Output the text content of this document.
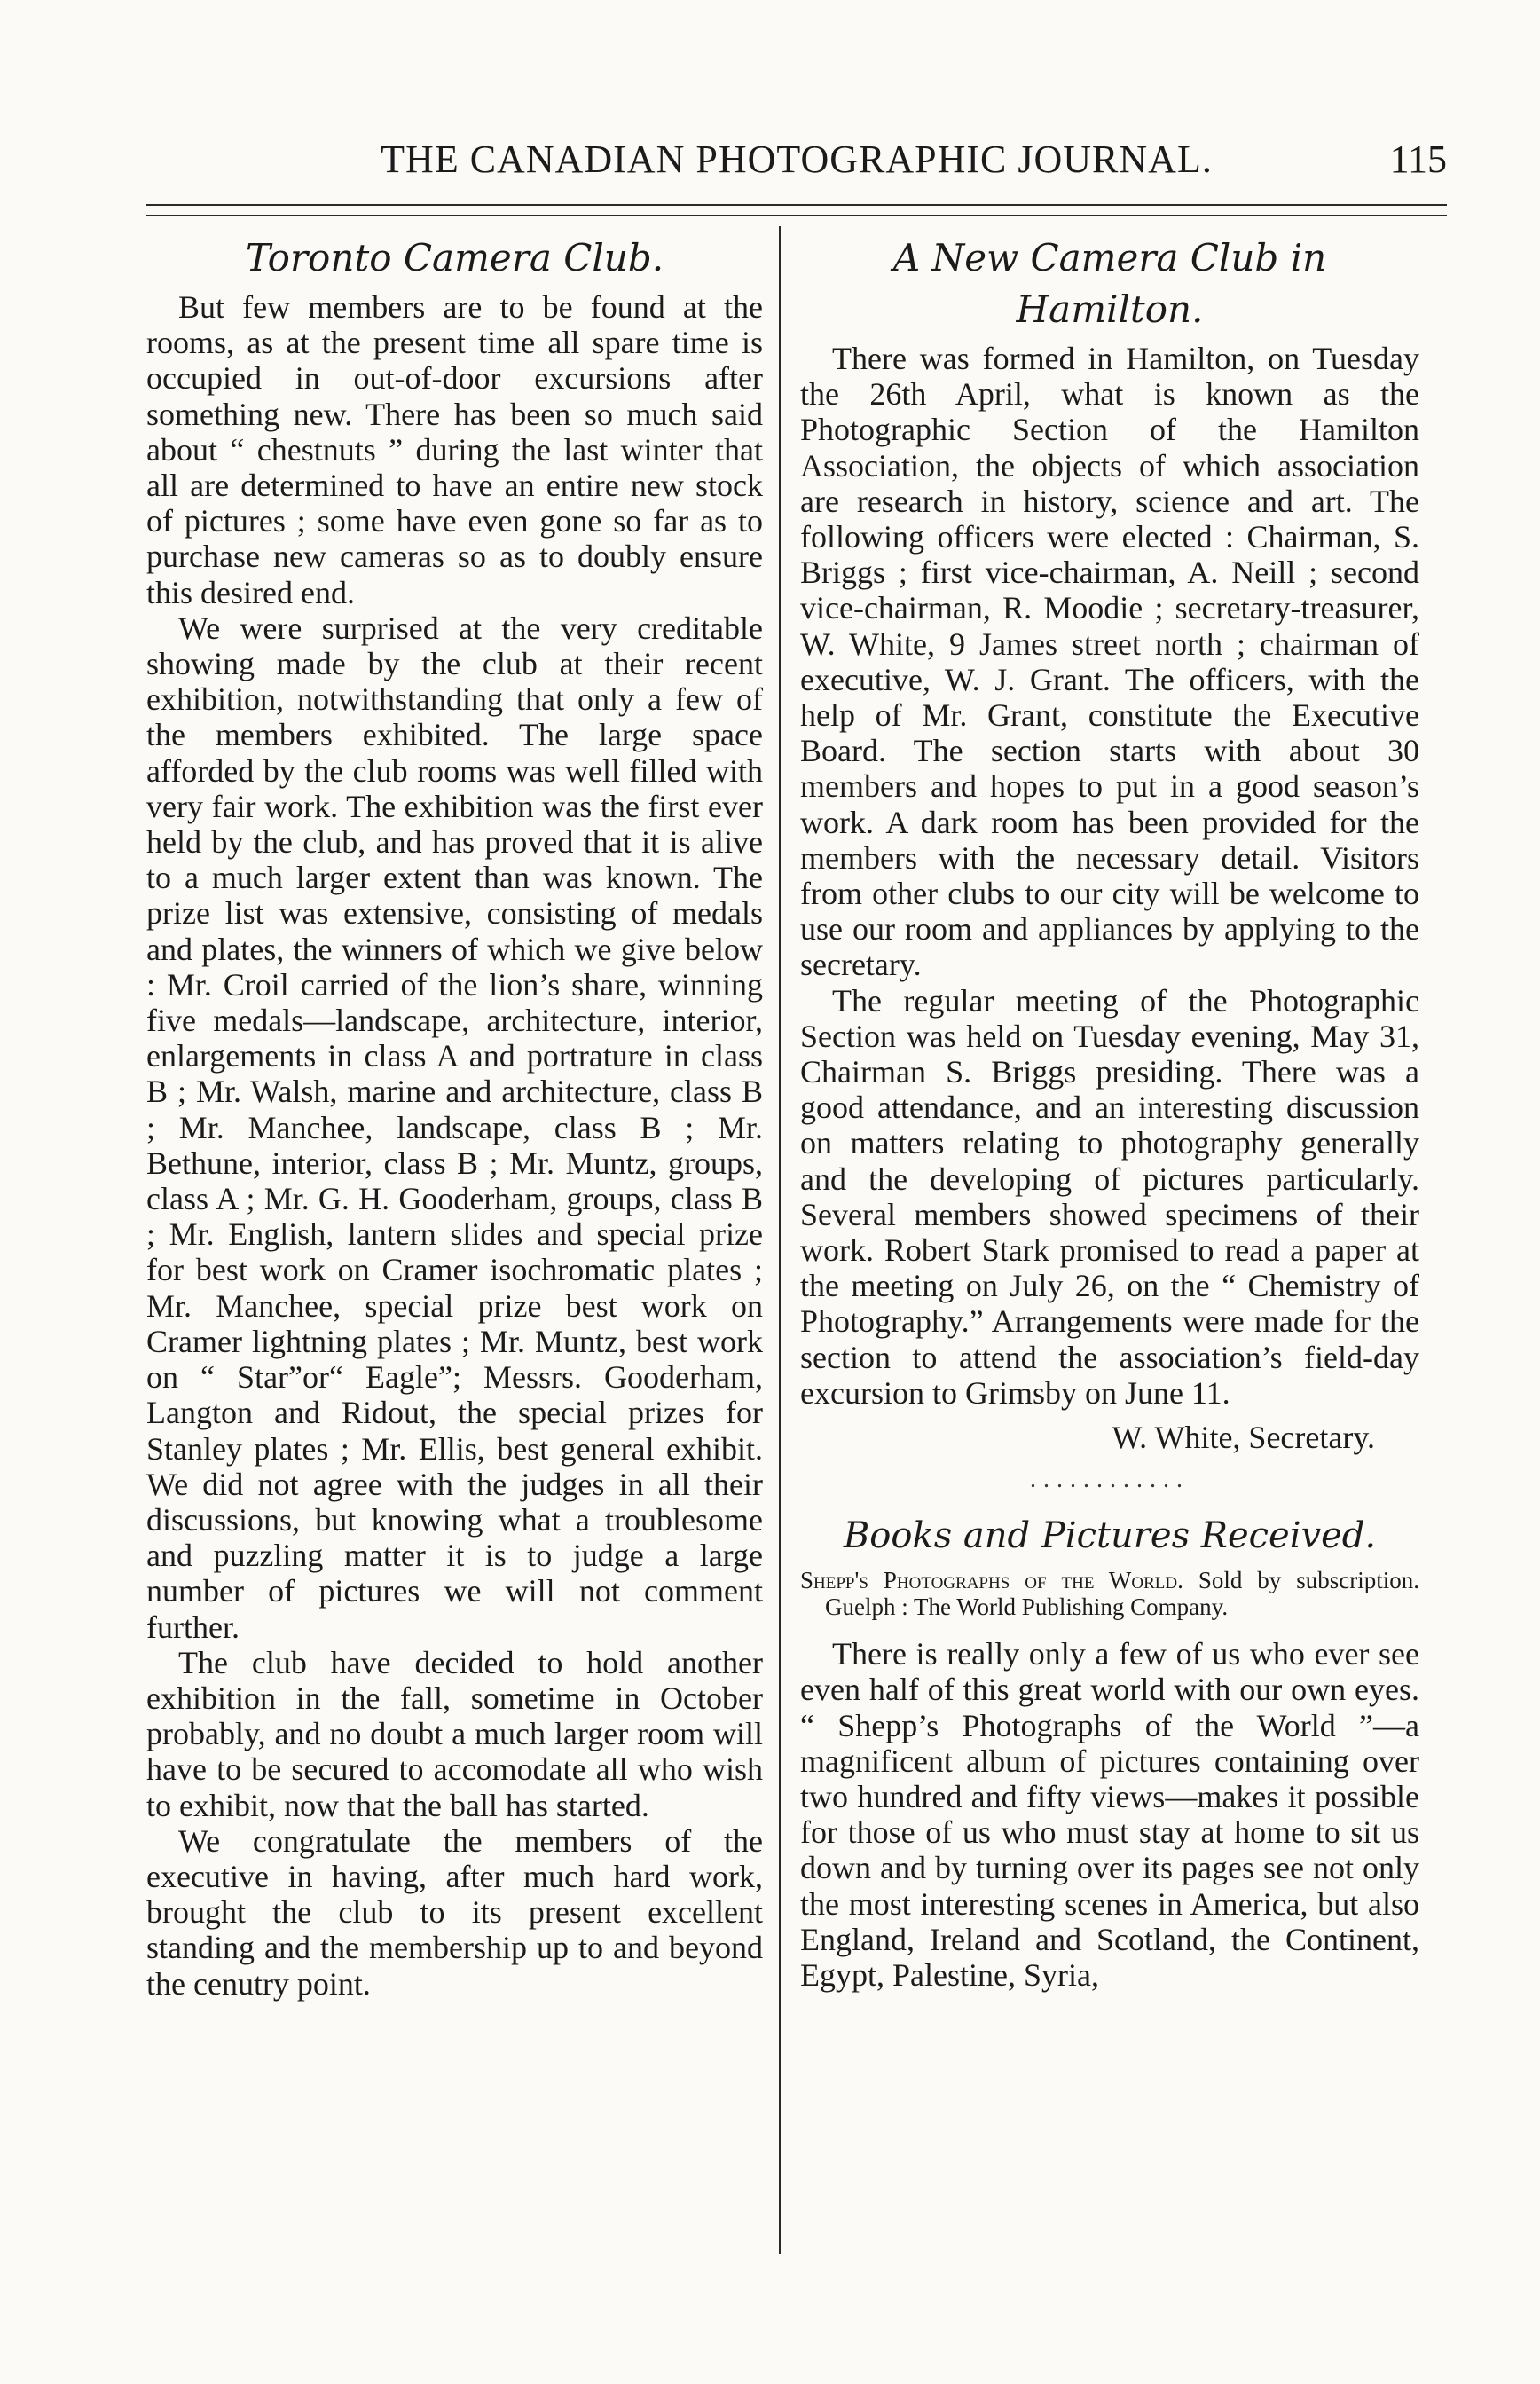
THE CANADIAN PHOTOGRAPHIC JOURNAL.	115
Toronto Camera Club.

But few members are to be found at the rooms, as at the present time all spare time is occupied in out-of-door excursions after something new. There has been so much said about “ chestnuts ” during the last winter that all are determined to have an entire new stock of pictures ; some have even gone so far as to purchase new cameras so as to doubly ensure this desired end.

We were surprised at the very creditable showing made by the club at their recent exhibition, notwithstanding that only a few of the members exhibited. The large space afforded by the club rooms was well filled with very fair work. The exhibition was the first ever held by the club, and has proved that it is alive to a much larger extent than was known. The prize list was extensive, consisting of medals and plates, the winners of which we give below : Mr. Croil carried of the lion’s share, winning five medals—landscape, architecture, interior, enlargements in class A and portrature in class B ; Mr. Walsh, marine and architecture, class B ; Mr. Manchee, landscape, class B ; Mr. Bethune, interior, class B ; Mr. Muntz, groups, class A ; Mr. G. H. Gooderham, groups, class B ; Mr. English, lantern slides and special prize for best work on Cramer isochromatic plates ; Mr. Manchee, special prize best work on Cramer lightning plates ; Mr. Muntz, best work on “ Star”or“ Eagle”; Messrs. Gooderham, Langton and Ridout, the special prizes for Stanley plates ; Mr. Ellis, best general exhibit. We did not agree with the judges in all their discussions, but knowing what a troublesome and puzzling matter it is to judge a large number of pictures we will not comment further.

The club have decided to hold another exhibition in the fall, sometime in October probably, and no doubt a much larger room will have to be secured to accomodate all who wish to exhibit, now that the ball has started.

We congratulate the members of the executive in having, after much hard work, brought the club to its present excellent standing and the membership up to and beyond the cenutry point.

A New Camera Club in Hamilton.

There was formed in Hamilton, on Tuesday the 26th April, what is known as the Photographic Section of the Hamilton Association, the objects of which association are research in history, science and art. The following officers were elected : Chairman, S. Briggs ; first vice-chairman, A. Neill ; second vice-chairman, R. Moodie ; secretary-treasurer, W. White, 9 James street north ; chairman of executive, W. J. Grant. The officers, with the help of Mr. Grant, constitute the Executive Board. The section starts with about 30 members and hopes to put in a good season’s work. A dark room has been provided for the members with the necessary detail. Visitors from other clubs to our city will be welcome to use our room and appliances by applying to the secretary.

The regular meeting of the Photographic Section was held on Tuesday evening, May 31, Chairman S. Briggs presiding. There was a good attendance, and an interesting discussion on matters relating to photography generally and the developing of pictures particularly. Several members showed specimens of their work. Robert Stark promised to read a paper at the meeting on July 26, on the “ Chemistry of Photography.” Arrangements were made for the section to attend the association’s field-day excursion to Grimsby on June 11.

W. White, Secretary.
............
Books and Pictures Received.
Shepp's Photographs of the World. Sold by subscription. Guelph : The World Publishing Company.

There is really only a few of us who ever see even half of this great world with our own eyes. “ Shepp’s Photographs of the World ”—a magnificent album of pictures containing over two hundred and fifty views—makes it possible for those of us who must stay at home to sit us down and by turning over its pages see not only the most interesting scenes in America, but also England, Ireland and Scotland, the Continent, Egypt, Palestine, Syria,
